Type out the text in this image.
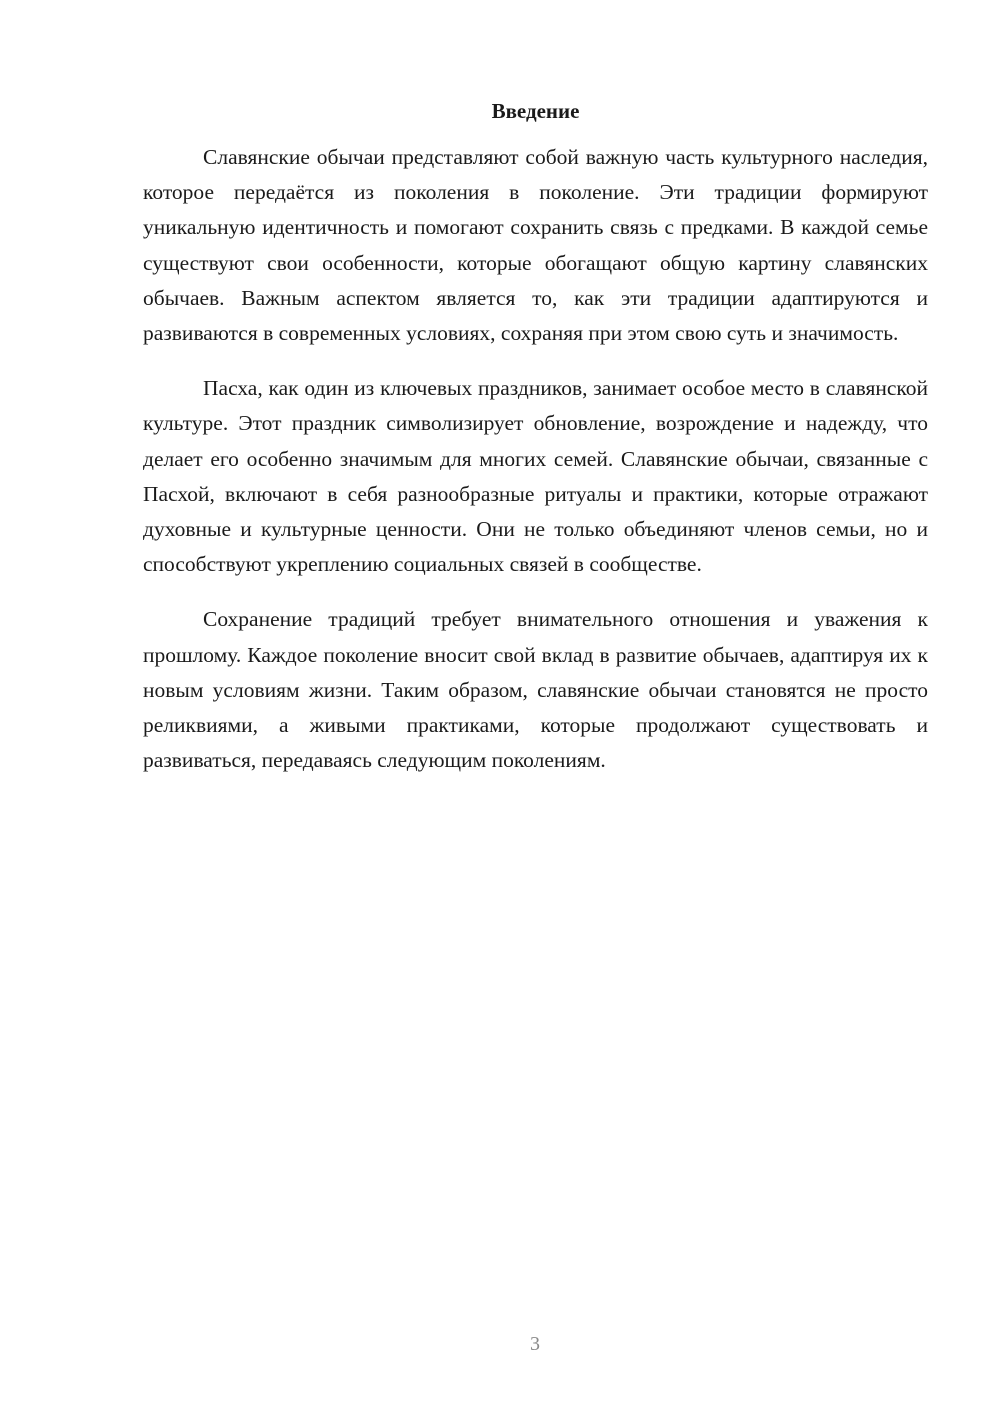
Введение

Славянские обычаи представляют собой важную часть культурного наследия, которое передаётся из поколения в поколение. Эти традиции формируют уникальную идентичность и помогают сохранить связь с предками. В каждой семье существуют свои особенности, которые обогащают общую картину славянских обычаев. Важным аспектом является то, как эти традиции адаптируются и развиваются в современных условиях, сохраняя при этом свою суть и значимость.

Пасха, как один из ключевых праздников, занимает особое место в славянской культуре. Этот праздник символизирует обновление, возрождение и надежду, что делает его особенно значимым для многих семей. Славянские обычаи, связанные с Пасхой, включают в себя разнообразные ритуалы и практики, которые отражают духовные и культурные ценности. Они не только объединяют членов семьи, но и способствуют укреплению социальных связей в сообществе.

Сохранение традиций требует внимательного отношения и уважения к прошлому. Каждое поколение вносит свой вклад в развитие обычаев, адаптируя их к новым условиям жизни. Таким образом, славянские обычаи становятся не просто реликвиями, а живыми практиками, которые продолжают существовать и развиваться, передаваясь следующим поколениям.

3
